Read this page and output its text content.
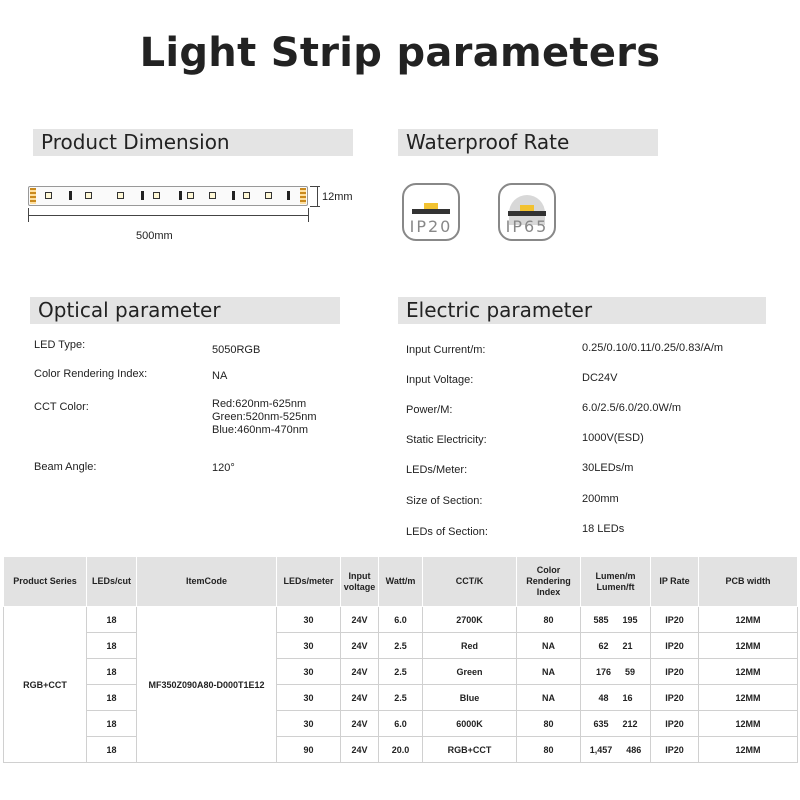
Light Strip parameters
Product Dimension	Waterproof Rate
500mm
12mm
IP20	IP65
Optical parameter	Electric parameter
LED Type:	5050RGB
Color Rendering Index:	NA
CCT Color:	Red:620nm-625nm
Green:520nm-525nm
Blue:460nm-470nm
Beam Angle:	120°
Input Current/m:	0.25/0.10/0.11/0.25/0.83/A/m
Input Voltage:	DC24V
Power/M:	6.0/2.5/6.0/20.0W/m
Static Electricity:	1000V(ESD)
LEDs/Meter:	30LEDs/m
Size of Section:	200mm
LEDs of Section:	18 LEDs
Product Series	LEDs/cut	ItemCode	LEDs/meter	Input voltage	Watt/m	CCT/K	Color Rendering Index	Lumen/m Lumen/ft	IP Rate	PCB width
RGB+CCT	18	MF350Z090A80-D000T1E12	30	24V	6.0	2700K	80	585 195	IP20	12MM
	18		30	24V	2.5	Red	NA	62 21	IP20	12MM
	18		30	24V	2.5	Green	NA	176 59	IP20	12MM
	18		30	24V	2.5	Blue	NA	48 16	IP20	12MM
	18		30	24V	6.0	6000K	80	635 212	IP20	12MM
	18		90	24V	20.0	RGB+CCT	80	1,457 486	IP20	12MM
